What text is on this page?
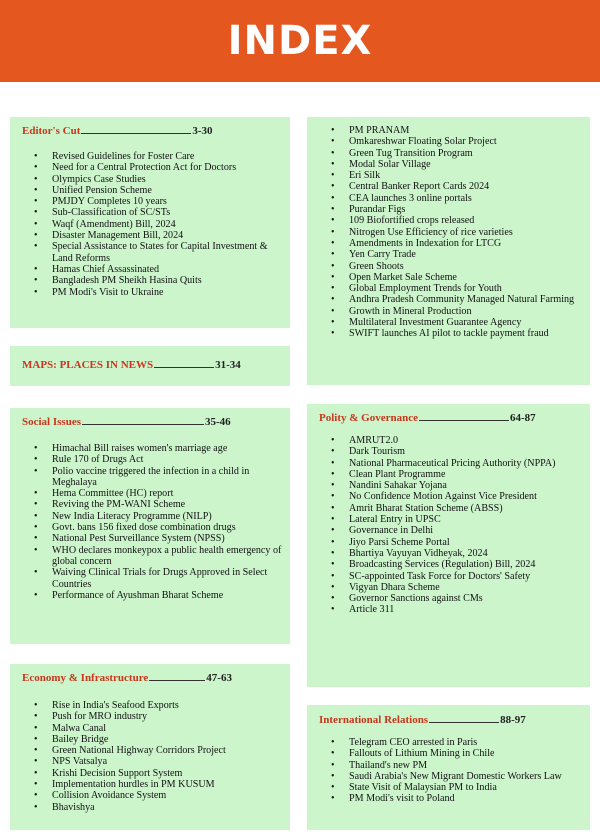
INDEX
Editor's Cut	3-30
• Revised Guidelines for Foster Care
• Need for a Central Protection Act for Doctors
• Olympics Case Studies
• Unified Pension Scheme
• PMJDY Completes 10 years
• Sub-Classification of SC/STs
• Waqf (Amendment) Bill, 2024
• Disaster Management Bill, 2024
• Special Assistance to States for Capital Investment & Land Reforms
• Hamas Chief Assassinated
• Bangladesh PM Sheikh Hasina Quits
• PM Modi's Visit to Ukraine
MAPS: PLACES IN NEWS	31-34
Social Issues	35-46
• Himachal Bill raises women's marriage age
• Rule 170 of Drugs Act
• Polio vaccine triggered the infection in a child in Meghalaya
• Hema Committee (HC) report
• Reviving the PM-WANI Scheme
• New India Literacy Programme (NILP)
• Govt. bans 156 fixed dose combination drugs
• National Pest Surveillance System (NPSS)
• WHO declares monkeypox a public health emergency of global concern
• Waiving Clinical Trials for Drugs Approved in Select Countries
• Performance of Ayushman Bharat Scheme
Economy & Infrastructure	47-63
• Rise in India's Seafood Exports
• Push for MRO industry
• Malwa Canal
• Bailey Bridge
• Green National Highway Corridors Project
• NPS Vatsalya
• Krishi Decision Support System
• Implementation hurdles in PM KUSUM
• Collision Avoidance System
• Bhavishya
• PM PRANAM
• Omkareshwar Floating Solar Project
• Green Tug Transition Program
• Modal Solar Village
• Eri Silk
• Central Banker Report Cards 2024
• CEA launches 3 online portals
• Purandar Figs
• 109 Biofortified crops released
• Nitrogen Use Efficiency of rice varieties
• Amendments in Indexation for LTCG
• Yen Carry Trade
• Green Shoots
• Open Market Sale Scheme
• Global Employment Trends for Youth
• Andhra Pradesh Community Managed Natural Farming
• Growth in Mineral Production
• Multilateral Investment Guarantee Agency
• SWIFT launches AI pilot to tackle payment fraud
Polity & Governance	64-87
• AMRUT2.0
• Dark Tourism
• National Pharmaceutical Pricing Authority (NPPA)
• Clean Plant Programme
• Nandini Sahakar Yojana
• No Confidence Motion Against Vice President
• Amrit Bharat Station Scheme (ABSS)
• Lateral Entry in UPSC
• Governance in Delhi
• Jiyo Parsi Scheme Portal
• Bhartiya Vayuyan Vidheyak, 2024
• Broadcasting Services (Regulation) Bill, 2024
• SC-appointed Task Force for Doctors' Safety
• Vigyan Dhara Scheme
• Governor Sanctions against CMs
• Article 311
International Relations	88-97
• Telegram CEO arrested in Paris
• Fallouts of Lithium Mining in Chile
• Thailand's new PM
• Saudi Arabia's New Migrant Domestic Workers Law
• State Visit of Malaysian PM to India
• PM Modi's visit to Poland
